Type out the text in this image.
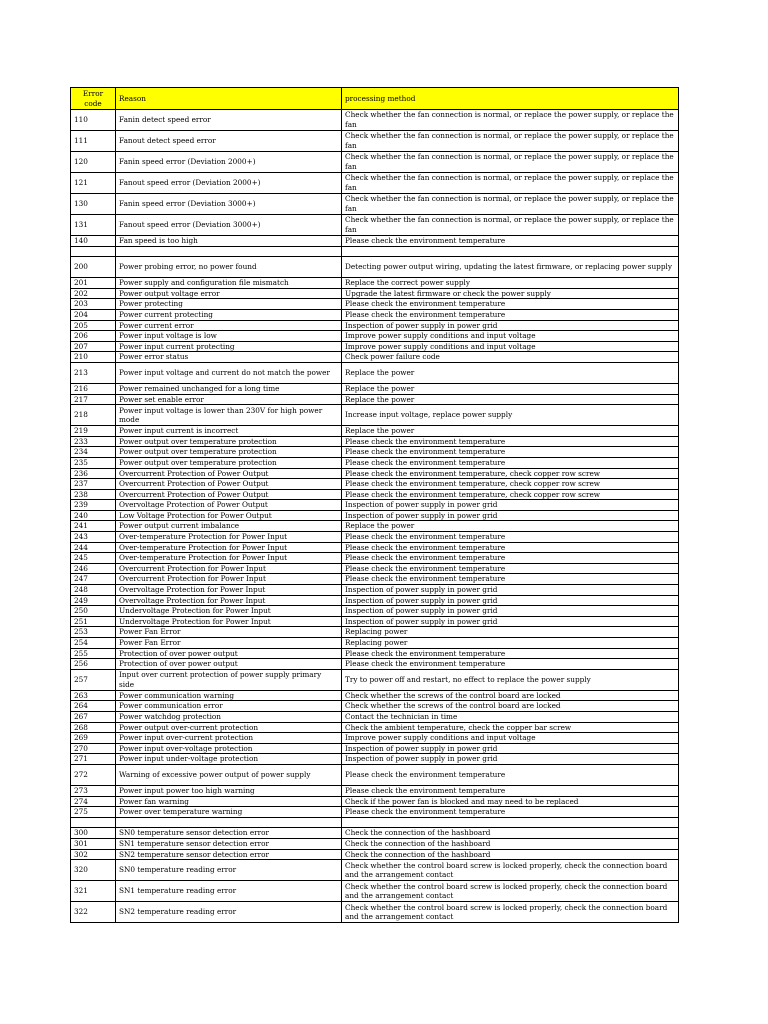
Error code	Reason	processing method
110	Fanin detect speed error	Check whether the fan connection is normal, or replace the power supply, or replace the fan
111	Fanout detect speed error	Check whether the fan connection is normal, or replace the power supply, or replace the fan
120	Fanin speed error (Deviation 2000+)	Check whether the fan connection is normal, or replace the power supply, or replace the fan
121	Fanout speed error (Deviation 2000+)	Check whether the fan connection is normal, or replace the power supply, or replace the fan
130	Fanin speed error (Deviation 3000+)	Check whether the fan connection is normal, or replace the power supply, or replace the fan
131	Fanout speed error (Deviation 3000+)	Check whether the fan connection is normal, or replace the power supply, or replace the fan
140	Fan speed is too high	Please check the environment temperature

200	Power probing error, no power found	Detecting power output wiring, updating the latest firmware, or replacing power supply
201	Power supply and configuration file mismatch	Replace the correct power supply
202	Power output voltage error	Upgrade the latest firmware or check the power supply
203	Power protecting	Please check the environment temperature
204	Power current protecting	Please check the environment temperature
205	Power current error	Inspection of power supply in power grid
206	Power input voltage is low	Improve power supply conditions and input voltage
207	Power input current protecting	Improve power supply conditions and input voltage
210	Power error status	Check power failure code
213	Power input voltage and current do not match the power	Replace the power
216	Power remained unchanged for a long time	Replace the power
217	Power set enable error	Replace the power
218	Power input voltage is lower than 230V for high power mode	Increase input voltage, replace power supply
219	Power input current is incorrect	Replace the power
233	Power output over temperature protection	Please check the environment temperature
234	Power output over temperature protection	Please check the environment temperature
235	Power output over temperature protection	Please check the environment temperature
236	Overcurrent Protection of Power Output	Please check the environment temperature, check copper row screw
237	Overcurrent Protection of Power Output	Please check the environment temperature, check copper row screw
238	Overcurrent Protection of Power Output	Please check the environment temperature, check copper row screw
239	Overvoltage Protection of Power Output	Inspection of power supply in power grid
240	Low Voltage Protection for Power Output	Inspection of power supply in power grid
241	Power output current imbalance	Replace the power
243	Over-temperature Protection for Power Input	Please check the environment temperature
244	Over-temperature Protection for Power Input	Please check the environment temperature
245	Over-temperature Protection for Power Input	Please check the environment temperature
246	Overcurrent Protection for Power Input	Please check the environment temperature
247	Overcurrent Protection for Power Input	Please check the environment temperature
248	Overvoltage Protection for Power Input	Inspection of power supply in power grid
249	Overvoltage Protection for Power Input	Inspection of power supply in power grid
250	Undervoltage Protection for Power Input	Inspection of power supply in power grid
251	Undervoltage Protection for Power Input	Inspection of power supply in power grid
253	Power Fan Error	Replacing power
254	Power Fan Error	Replacing power
255	Protection of over power output	Please check the environment temperature
256	Protection of over power output	Please check the environment temperature
257	Input over current protection of power supply primary side	Try to power off and restart, no effect to replace the power supply
263	Power communication warning	Check whether the screws of the control board are locked
264	Power communication error	Check whether the screws of the control board are locked
267	Power watchdog protection	Contact the technician in time
268	Power output over-current protection	Check the ambient temperature, check the copper bar screw
269	Power input over-current protection	Improve power supply conditions and input voltage
270	Power input over-voltage protection	Inspection of power supply in power grid
271	Power input under-voltage protection	Inspection of power supply in power grid
272	Warning of excessive power output of power supply	Please check the environment temperature
273	Power input power too high warning	Please check the environment temperature
274	Power fan warning	Check if the power fan is blocked and may need to be replaced
275	Power over temperature warning	Please check the environment temperature

300	SN0 temperature sensor detection error	Check the connection of the hashboard
301	SN1 temperature sensor detection error	Check the connection of the hashboard
302	SN2 temperature sensor detection error	Check the connection of the hashboard
320	SN0 temperature reading error	Check whether the control board screw is locked properly, check the connection board and the arrangement contact
321	SN1 temperature reading error	Check whether the control board screw is locked properly, check the connection board and the arrangement contact
322	SN2 temperature reading error	Check whether the control board screw is locked properly, check the connection board and the arrangement contact
